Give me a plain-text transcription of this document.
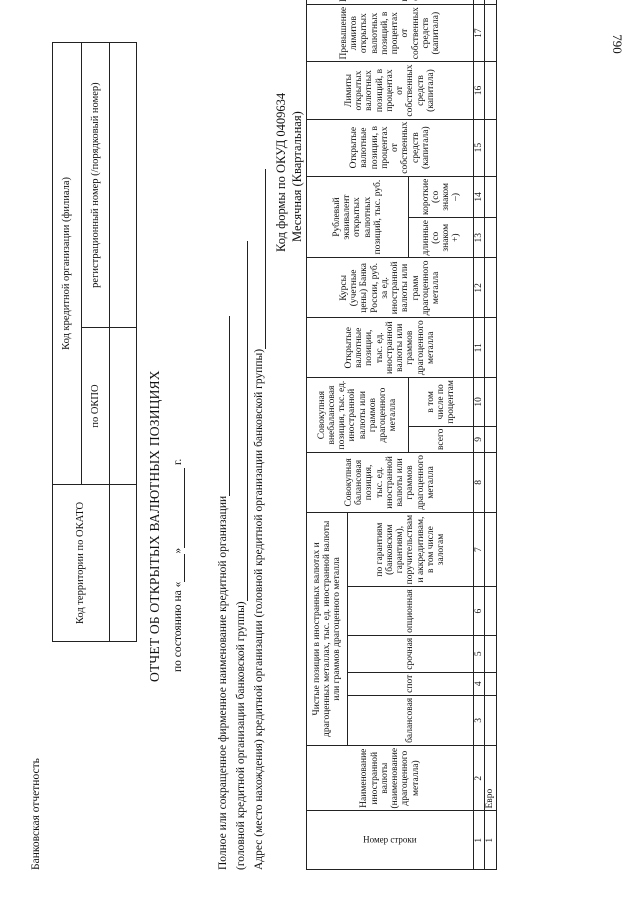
790
Банковская отчетность
Код территории по ОКАТО	Код кредитной организации (филиала)	
	по ОКПО	регистрационный номер (/порядковый номер)

ОТЧЕТ ОБ ОТКРЫТЫХ ВАЛЮТНЫХ ПОЗИЦИЯХ по состоянию на « »  г.
Полное или сокращенное фирменное наименование кредитной организации (головной кредитной организации банковской группы) Адрес (место нахождения) кредитной организации (головной кредитной организации банковской группы)
Код формы по ОКУД 0409634 Месячная (Квартальная)
Номер строки	Наименование иностранной валюты (наименование драгоценного металла)	Чистые позиции в иностранных валютах и драгоценных металлах, тыс. ед. иностранной валюты или граммов драгоценного металла					Совокупная балансовая позиция, тыс. ед. иностранной валюты или граммов драгоценного металла	Совокупная внебалансовая позиция, тыс. ед. иностранной валюты или граммов драгоценного металла		Открытые валютные позиции, тыс. ед. иностранной валюты или граммов драгоценного металла	Курсы (учетные цены) Банка России, руб. за ед. иностранной валюты или грамм драгоценного металла	Рублевый эквивалент открытых валютных позиций, тыс. руб.		Открытые валютные позиции, в процентах от собственных средств (капитала)	Лимиты открытых валютных позиций, в процентах от собственных средств (капитала)	Превышение лимитов открытых валютных позиций, в процентах от собственных средств (капитала)	
		балансовая	спот	срочная	опционная	по гарантиям (банковским гарантиям), поручительствам и аккредитивам, в том числе залогам											
								всего	в том числе по процентам			длинные (со знаком +)	короткие (со знаком –)				
1	2	3	4	5	6	7	8	9	10	11	12	13	14	15	16	17	
1	Евро																
